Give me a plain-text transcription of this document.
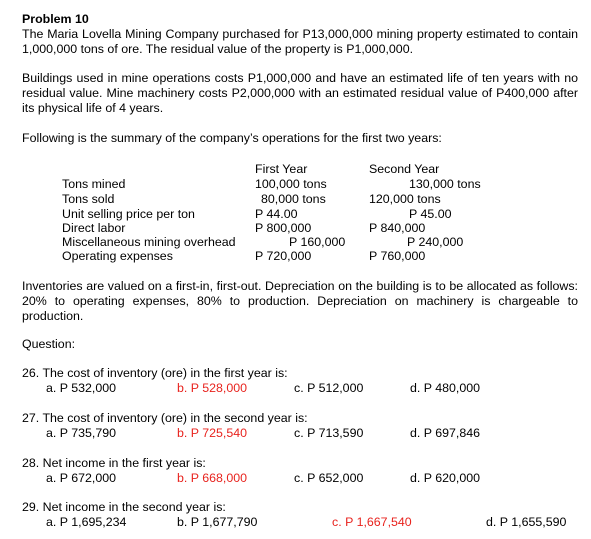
Problem 10
The Maria Lovella Mining Company purchased for P13,000,000 mining property estimated to contain 1,000,000 tons of ore. The residual value of the property is P1,000,000.
Buildings used in mine operations costs P1,000,000 and have an estimated life of ten years with no residual value. Mine machinery costs P2,000,000 with an estimated residual value of P400,000 after its physical life of 4 years.
Following is the summary of the company’s operations for the first two years:
First Year	Second Year
Tons mined	100,000 tons	130,000 tons
Tons sold	80,000 tons	120,000 tons
Unit selling price per ton	P 44.00	P 45.00
Direct labor	P 800,000	P 840,000
Miscellaneous mining overhead	P 160,000	P 240,000
Operating expenses	P 720,000	P 760,000
Inventories are valued on a first-in, first-out. Depreciation on the building is to be allocated as follows: 20% to operating expenses, 80% to production. Depreciation on machinery is chargeable to production.
Question:
26. The cost of inventory (ore) in the first year is:
a. P 532,000	b. P 528,000	c. P 512,000	d. P 480,000
27. The cost of inventory (ore) in the second year is:
a. P 735,790	b. P 725,540	c. P 713,590	d. P 697,846
28. Net income in the first year is:
a. P 672,000	b. P 668,000	c. P 652,000	d. P 620,000
29. Net income in the second year is:
a. P 1,695,234	b. P 1,677,790	c. P 1,667,540	d. P 1,655,590
